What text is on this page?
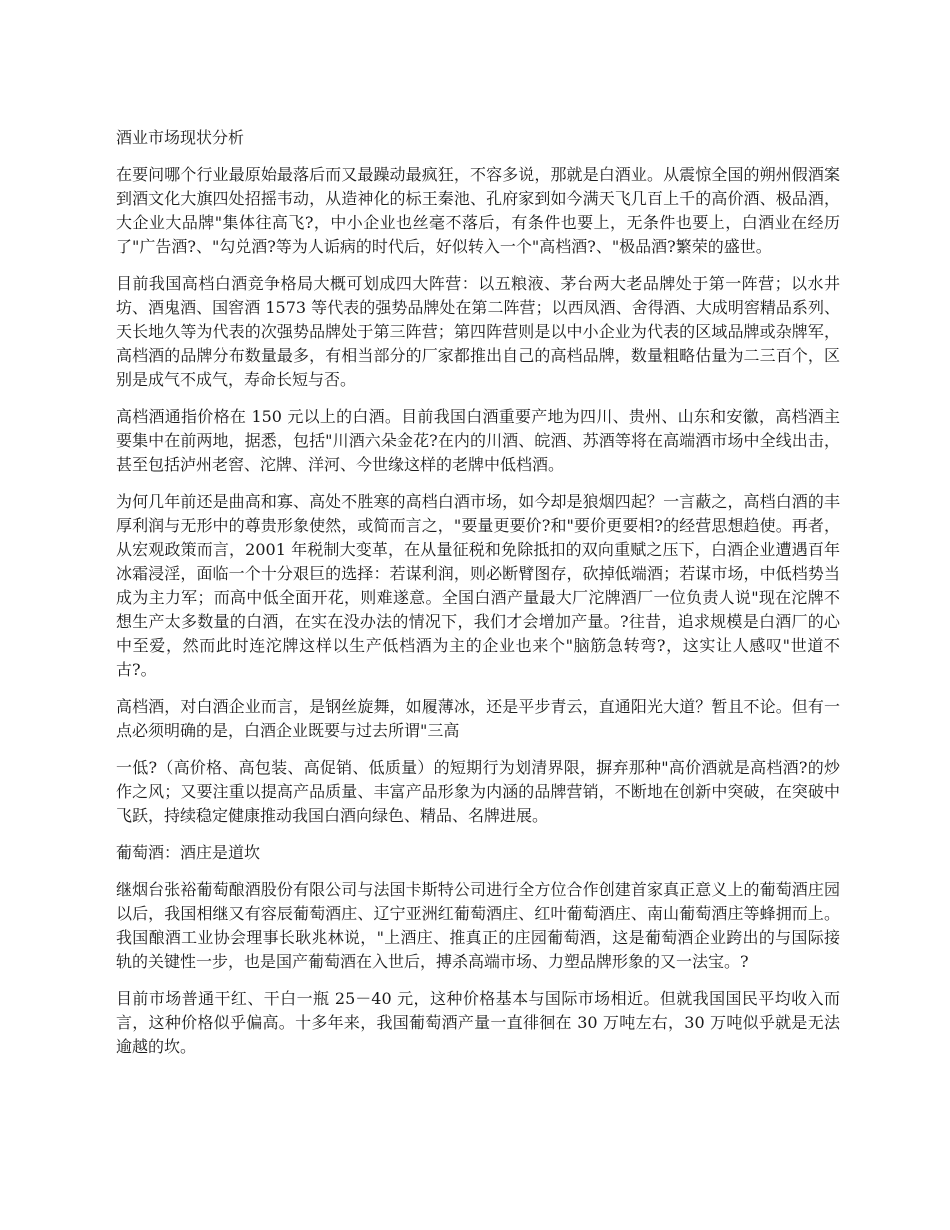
酒业市场现状分析
在要问哪个行业最原始最落后而又最躁动最疯狂，不容多说，那就是白酒业。从震惊全国的朔州假酒案到酒文化大旗四处招摇韦动，从造神化的标王秦池、孔府家到如今满天飞几百上千的高价酒、极品酒，大企业大品牌"集体往高飞?，中小企业也丝毫不落后，有条件也要上，无条件也要上，白酒业在经历了"广告酒?、"勾兑酒?等为人诟病的时代后，好似转入一个"高档酒?、"极品酒?繁荣的盛世。
目前我国高档白酒竞争格局大概可划成四大阵营：以五粮液、茅台两大老品牌处于第一阵营；以水井坊、酒鬼酒、国窖酒 1573 等代表的强势品牌处在第二阵营；以西凤酒、舍得酒、大成明窖精品系列、天长地久等为代表的次强势品牌处于第三阵营；第四阵营则是以中小企业为代表的区域品牌或杂牌军，高档酒的品牌分布数量最多，有相当部分的厂家都推出自己的高档品牌，数量粗略估量为二三百个，区别是成气不成气，寿命长短与否。
高档酒通指价格在 150 元以上的白酒。目前我国白酒重要产地为四川、贵州、山东和安徽，高档酒主要集中在前两地，据悉，包括"川酒六朵金花?在内的川酒、皖酒、苏酒等将在高端酒市场中全线出击，甚至包括泸州老窖、沱牌、洋河、今世缘这样的老牌中低档酒。
为何几年前还是曲高和寡、高处不胜寒的高档白酒市场，如今却是狼烟四起？一言蔽之，高档白酒的丰厚利润与无形中的尊贵形象使然，或简而言之，"要量更要价?和"要价更要相?的经营思想趋使。再者，从宏观政策而言，2001 年税制大变革，在从量征税和免除抵扣的双向重赋之压下，白酒企业遭遇百年冰霜浸淫，面临一个十分艰巨的选择：若谋利润，则必断臂图存，砍掉低端酒；若谋市场，中低档势当成为主力军；而高中低全面开花，则难遂意。全国白酒产量最大厂沱牌酒厂一位负责人说"现在沱牌不想生产太多数量的白酒，在实在没办法的情况下，我们才会增加产量。?往昔，追求规模是白酒厂的心中至爱，然而此时连沱牌这样以生产低档酒为主的企业也来个"脑筋急转弯?，这实让人感叹"世道不古?。
高档酒，对白酒企业而言，是钢丝旋舞，如履薄冰，还是平步青云，直通阳光大道？暂且不论。但有一点必须明确的是，白酒企业既要与过去所谓"三高
一低?（高价格、高包装、高促销、低质量）的短期行为划清界限，摒弃那种"高价酒就是高档酒?的炒作之风；又要注重以提高产品质量、丰富产品形象为内涵的品牌营销，不断地在创新中突破，在突破中飞跃，持续稳定健康推动我国白酒向绿色、精品、名牌进展。
葡萄酒：酒庄是道坎
继烟台张裕葡萄酿酒股份有限公司与法国卡斯特公司进行全方位合作创建首家真正意义上的葡萄酒庄园以后，我国相继又有容辰葡萄酒庄、辽宁亚洲红葡萄酒庄、红叶葡萄酒庄、南山葡萄酒庄等蜂拥而上。我国酿酒工业协会理事长耿兆林说，"上酒庄、推真正的庄园葡萄酒，这是葡萄酒企业跨出的与国际接轨的关键性一步，也是国产葡萄酒在入世后，搏杀高端市场、力塑品牌形象的又一法宝。?
目前市场普通干红、干白一瓶 25－40 元，这种价格基本与国际市场相近。但就我国国民平均收入而言，这种价格似乎偏高。十多年来，我国葡萄酒产量一直徘徊在 30 万吨左右，30 万吨似乎就是无法逾越的坎。
